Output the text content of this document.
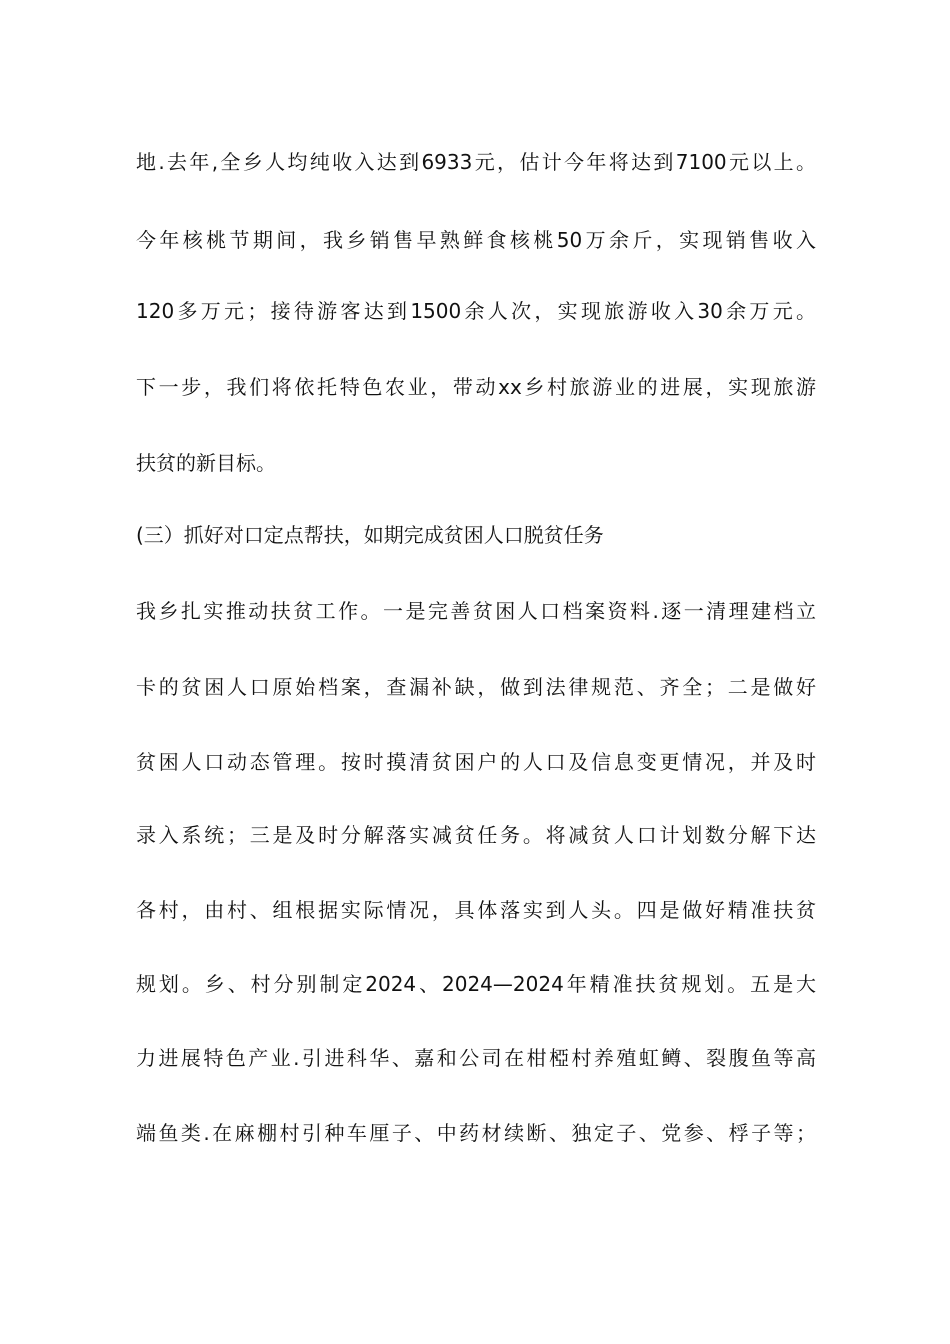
地.去年,全乡人均纯收入达到6933元，估计今年将达到7100元以上。
今年核桃节期间，我乡销售早熟鲜食核桃50万余斤，实现销售收入
120多万元；接待游客达到1500余人次，实现旅游收入30余万元。
下一步，我们将依托特色农业，带动xx乡村旅游业的进展，实现旅游
扶贫的新目标。
(三）抓好对口定点帮扶，如期完成贫困人口脱贫任务
我乡扎实推动扶贫工作。一是完善贫困人口档案资料.逐一清理建档立
卡的贫困人口原始档案，查漏补缺，做到法律规范、齐全；二是做好
贫困人口动态管理。按时摸清贫困户的人口及信息变更情况，并及时
录入系统；三是及时分解落实减贫任务。将减贫人口计划数分解下达
各村，由村、组根据实际情况，具体落实到人头。四是做好精准扶贫
规划。乡、村分别制定2024、2024—2024年精准扶贫规划。五是大
力进展特色产业.引进科华、嘉和公司在柑椏村养殖虹鳟、裂腹鱼等高
端鱼类.在麻棚村引种车厘子、中药材续断、独定子、党参、桴子等；
